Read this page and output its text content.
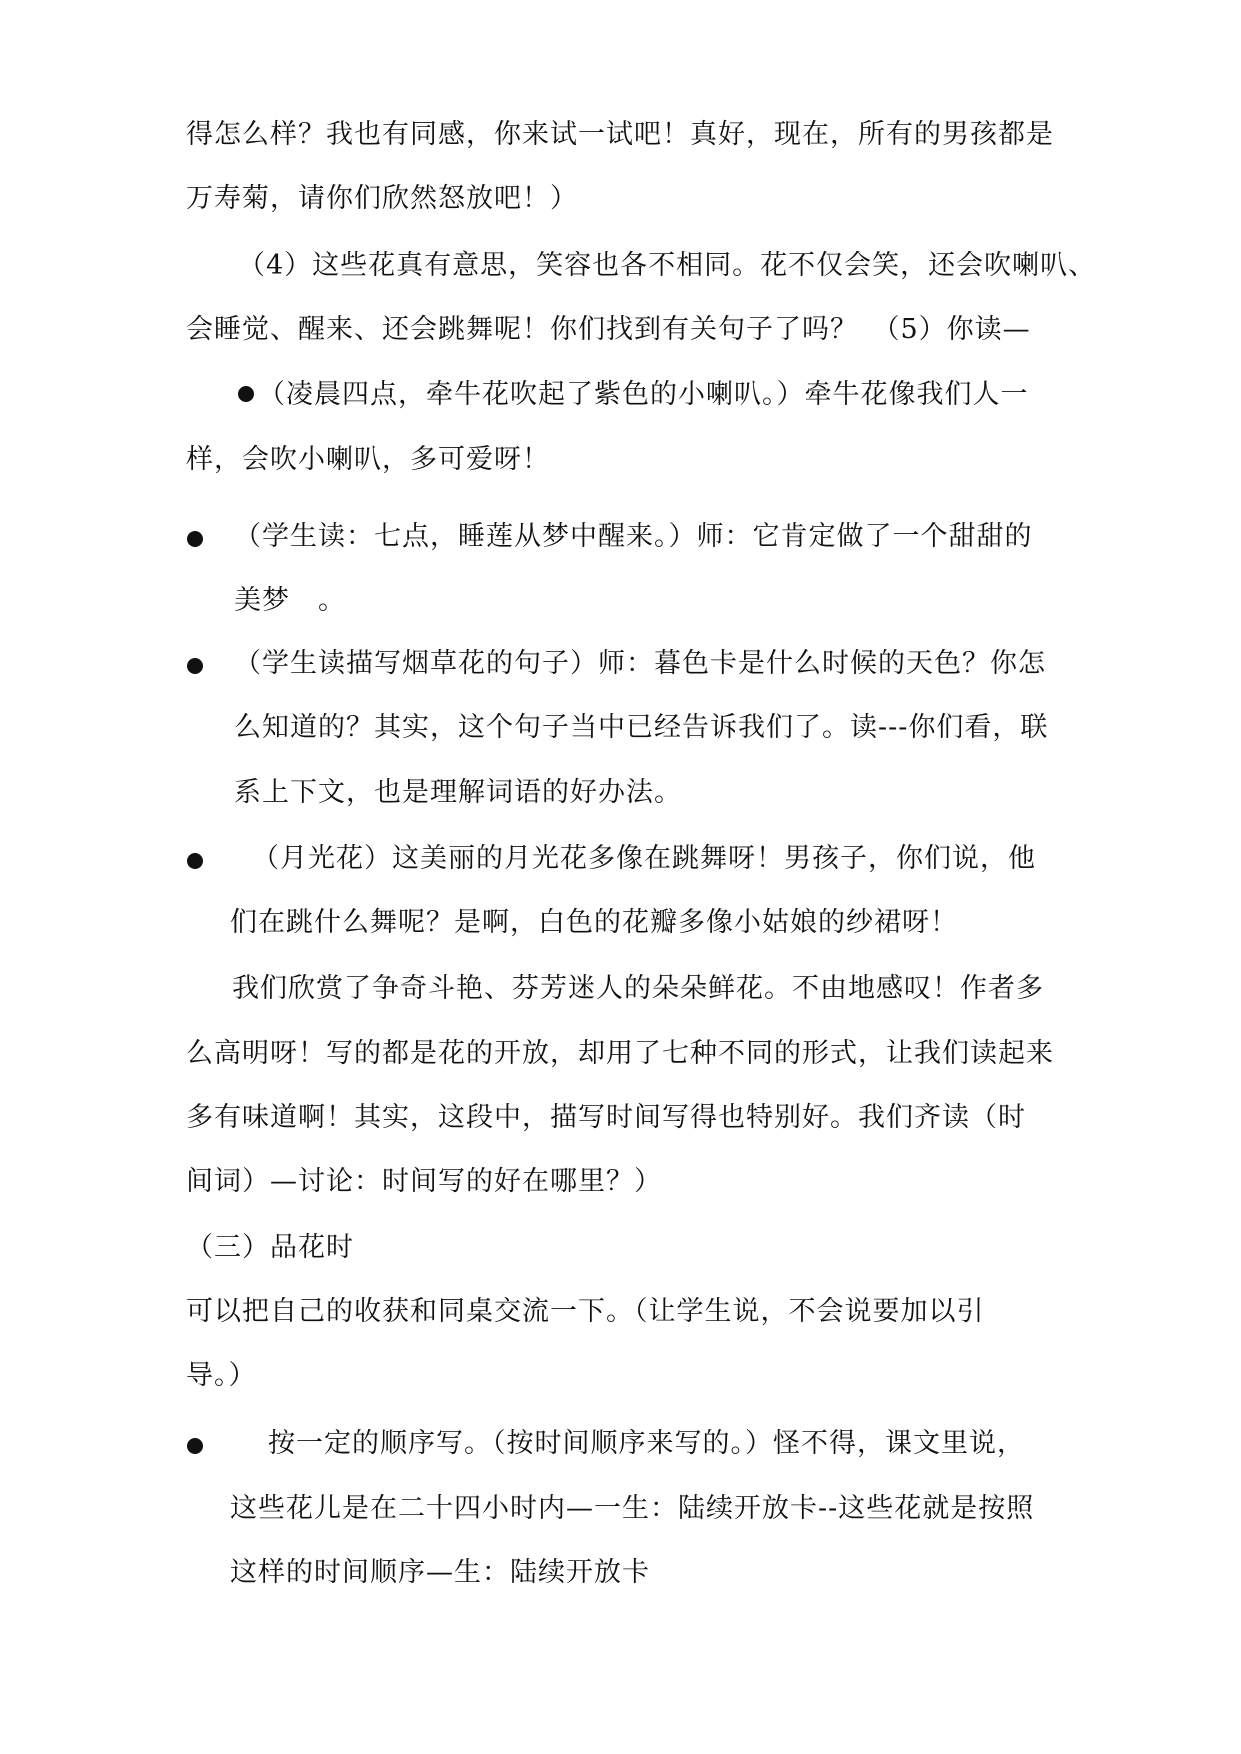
得怎么样？我也有同感，你来试一试吧！真好，现在，所有的男孩都是
万寿菊，请你们欣然怒放吧！）
（4）这些花真有意思，笑容也各不相同。花不仅会笑，还会吹喇叭、
会睡觉、醒来、还会跳舞呢！你们找到有关句子了吗？　（5）你读—
（凌晨四点，牵牛花吹起了紫色的小喇叭。）牵牛花像我们人一
样，会吹小喇叭，多可爱呀！
（学生读：七点，睡莲从梦中醒来。）师：它肯定做了一个甜甜的
美梦　。
（学生读描写烟草花的句子）师：暮色卡是什么时候的天色？你怎
么知道的？其实，这个句子当中已经告诉我们了。读---你们看，联
系上下文，也是理解词语的好办法。
（月光花）这美丽的月光花多像在跳舞呀！男孩子，你们说，他
们在跳什么舞呢？是啊，白色的花瓣多像小姑娘的纱裙呀！
我们欣赏了争奇斗艳、芬芳迷人的朵朵鲜花。不由地感叹！作者多
么高明呀！写的都是花的开放，却用了七种不同的形式，让我们读起来
多有味道啊！其实，这段中，描写时间写得也特别好。我们齐读（时
间词）—讨论：时间写的好在哪里？）
（三）品花时
可以把自己的收获和同桌交流一下。（让学生说，不会说要加以引
导。）
按一定的顺序写。（按时间顺序来写的。）怪不得，课文里说，
这些花儿是在二十四小时内—一生：陆续开放卡--这些花就是按照
这样的时间顺序—生：陆续开放卡
